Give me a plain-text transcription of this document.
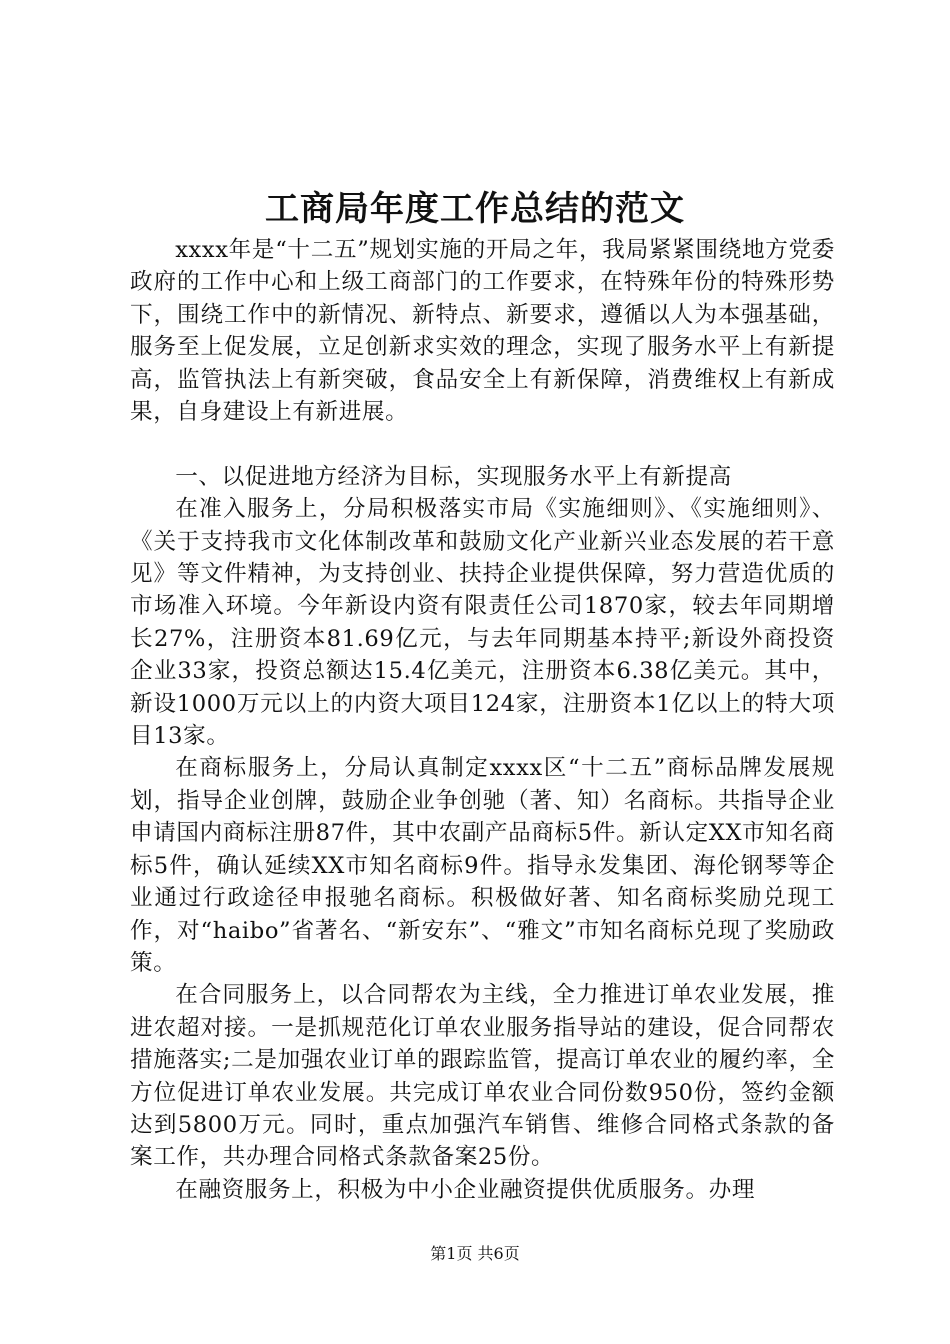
工商局年度工作总结的范文

xxxx年是“十二五”规划实施的开局之年，我局紧紧围绕地方党委政府的工作中心和上级工商部门的工作要求，在特殊年份的特殊形势下，围绕工作中的新情况、新特点、新要求，遵循以人为本强基础，服务至上促发展，立足创新求实效的理念，实现了服务水平上有新提高，监管执法上有新突破，食品安全上有新保障，消费维权上有新成果，自身建设上有新进展。

一、以促进地方经济为目标，实现服务水平上有新提高

在准入服务上，分局积极落实市局《实施细则》、《实施细则》、《关于支持我市文化体制改革和鼓励文化产业新兴业态发展的若干意见》等文件精神，为支持创业、扶持企业提供保障，努力营造优质的市场准入环境。今年新设内资有限责任公司1870家，较去年同期增长27%，注册资本81.69亿元，与去年同期基本持平;新设外商投资企业33家，投资总额达15.4亿美元，注册资本6.38亿美元。其中，新设1000万元以上的内资大项目124家，注册资本1亿以上的特大项目13家。

在商标服务上，分局认真制定xxxx区“十二五”商标品牌发展规划，指导企业创牌，鼓励企业争创驰（著、知）名商标。共指导企业申请国内商标注册87件，其中农副产品商标5件。新认定XX市知名商标5件，确认延续XX市知名商标9件。指导永发集团、海伦钢琴等企业通过行政途径申报驰名商标。积极做好著、知名商标奖励兑现工作，对“haibo”省著名、“新安东”、“雅文”市知名商标兑现了奖励政策。

在合同服务上，以合同帮农为主线，全力推进订单农业发展，推进农超对接。一是抓规范化订单农业服务指导站的建设，促合同帮农措施落实;二是加强农业订单的跟踪监管，提高订单农业的履约率，全方位促进订单农业发展。共完成订单农业合同份数950份，签约金额达到5800万元。同时，重点加强汽车销售、维修合同格式条款的备案工作，共办理合同格式条款备案25份。

在融资服务上，积极为中小企业融资提供优质服务。办理

第1页 共6页
